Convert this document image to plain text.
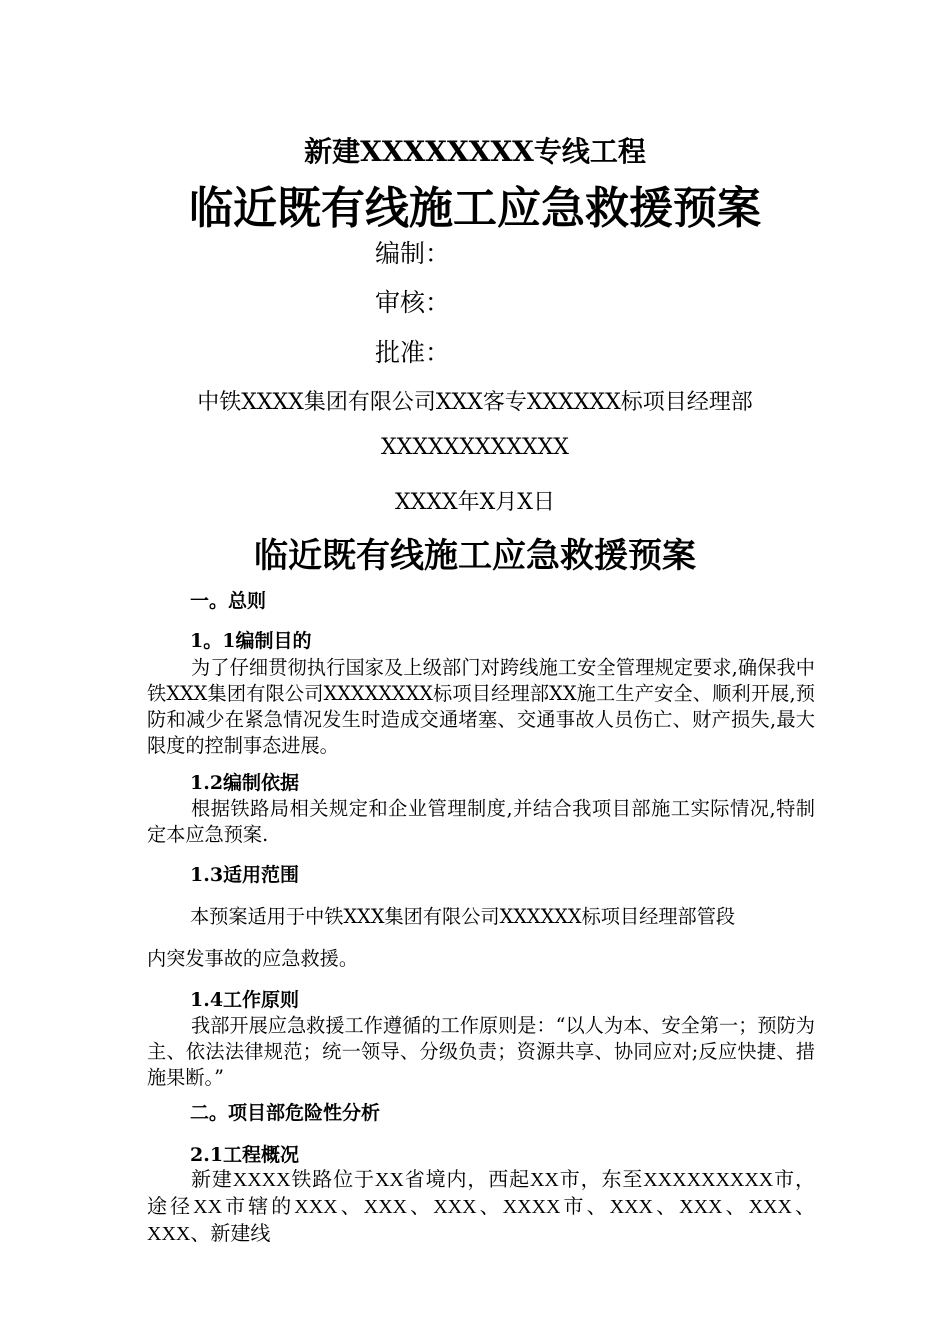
新建XXXXXXXX专线工程
临近既有线施工应急救援预案
编制：
审核：
批准：
中铁XXXX集团有限公司XXX客专XXXXXX标项目经理部
XXXXXXXXXXXX
XXXX年X月X日
临近既有线施工应急救援预案
一。总则
1。1编制目的
为了仔细贯彻执行国家及上级部门对跨线施工安全管理规定要求,确保我中铁XXX集团有限公司XXXXXXXX标项目经理部XX施工生产安全、顺利开展,预防和减少在紧急情况发生时造成交通堵塞、交通事故人员伤亡、财产损失,最大限度的控制事态进展。
1.2编制依据
根据铁路局相关规定和企业管理制度,并结合我项目部施工实际情况,特制定本应急预案.
1.3适用范围
本预案适用于中铁XXX集团有限公司XXXXXX标项目经理部管段
内突发事故的应急救援。
1.4工作原则
我部开展应急救援工作遵循的工作原则是：“以人为本、安全第一；预防为主、依法法律规范；统一领导、分级负责；资源共享、协同应对;反应快捷、措施果断。”
二。项目部危险性分析
2.1工程概况
新建XXXX铁路位于XX省境内，西起XX市，东至XXXXXXXXX市，途径XX市辖的XXX、XXX、XXX、XXXX市、XXX、XXX、XXX、XXX、新建线
